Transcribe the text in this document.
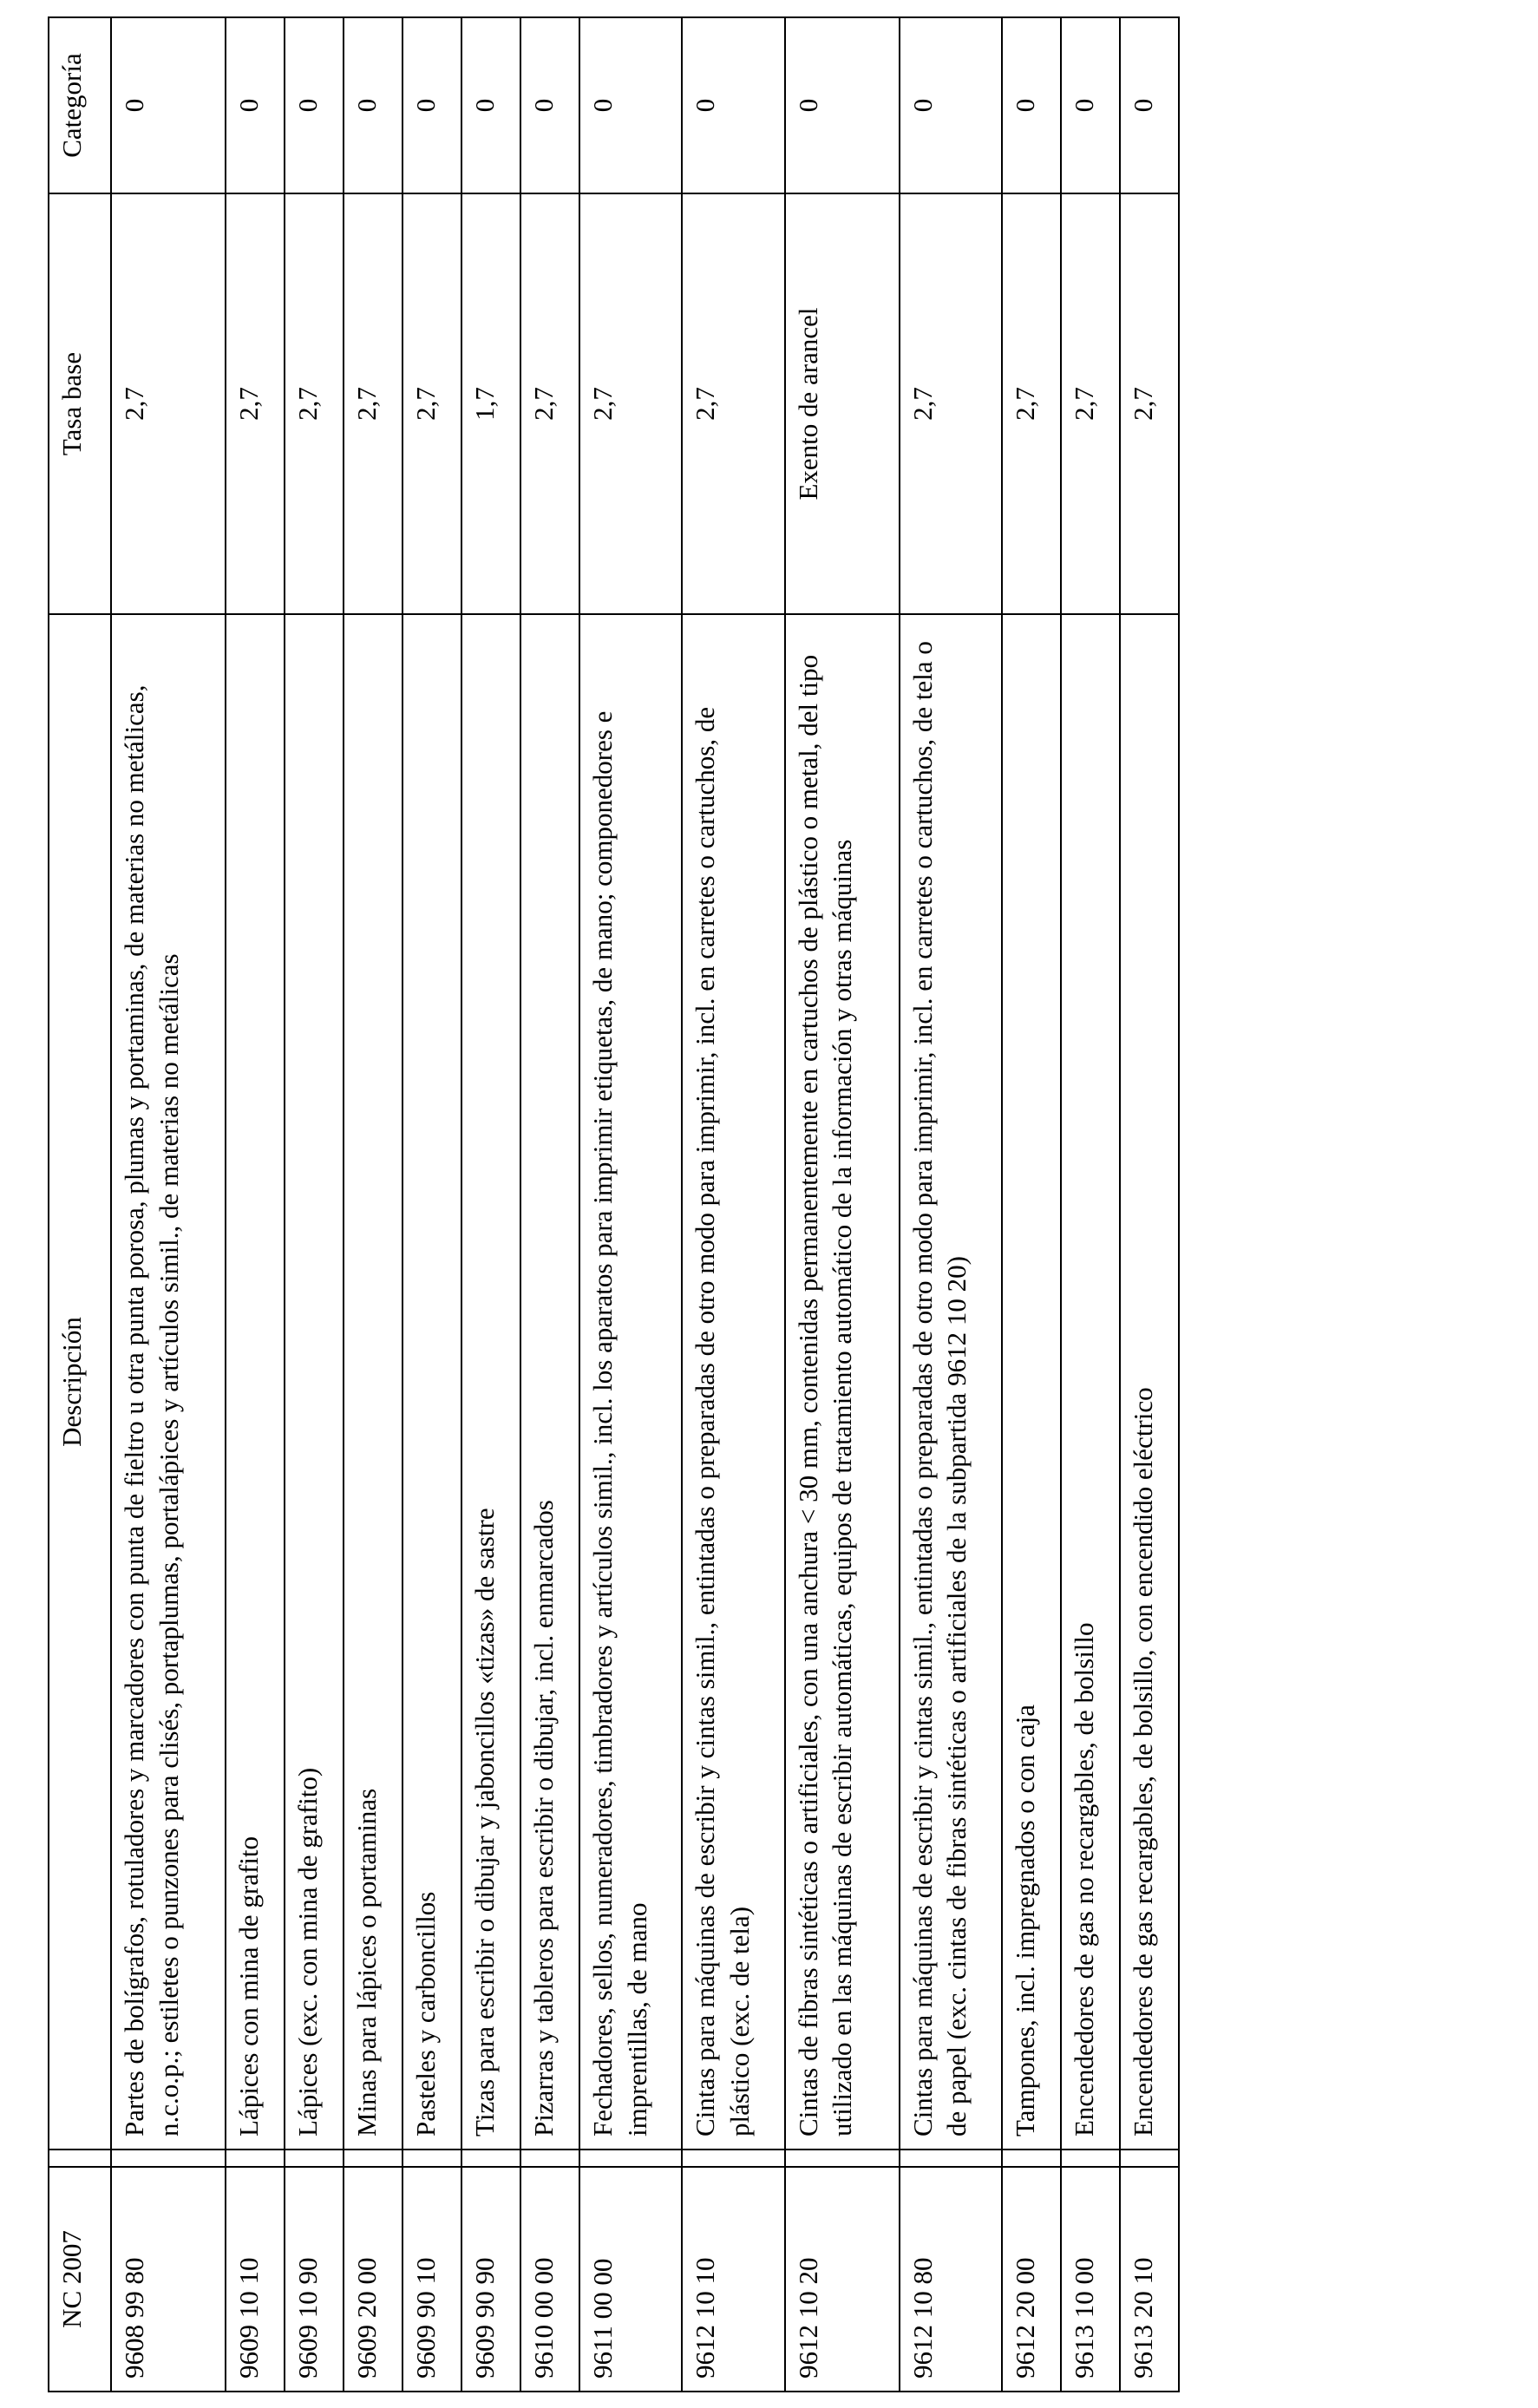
NC 2007		Descripción	Tasa base	Categoría
9608 99 80		Partes de bolígrafos, rotuladores y marcadores con punta de fieltro u otra punta porosa, plumas y portaminas, de materias no metálicas, n.c.o.p.; estiletes o punzones para clisés, portaplumas, portalápices y artículos simil., de materias no metálicas	2,7	0
9609 10 10		Lápices con mina de grafito	2,7	0
9609 10 90		Lápices (exc. con mina de grafito)	2,7	0
9609 20 00		Minas para lápices o portaminas	2,7	0
9609 90 10		Pasteles y carboncillos	2,7	0
9609 90 90		Tizas para escribir o dibujar y jaboncillos «tizas» de sastre	1,7	0
9610 00 00		Pizarras y tableros para escribir o dibujar, incl. enmarcados	2,7	0
9611 00 00		Fechadores, sellos, numeradores, timbradores y artículos simil., incl. los aparatos para imprimir etiquetas, de mano; componedores e imprentillas, de mano	2,7	0
9612 10 10		Cintas para máquinas de escribir y cintas simil., entintadas o preparadas de otro modo para imprimir, incl. en carretes o cartuchos, de plástico (exc. de tela)	2,7	0
9612 10 20		Cintas de fibras sintéticas o artificiales, con una anchura < 30 mm, contenidas permanentemente en cartuchos de plástico o metal, del tipo utilizado en las máquinas de escribir automáticas, equipos de tratamiento automático de la información y otras máquinas	Exento de arancel	0
9612 10 80		Cintas para máquinas de escribir y cintas simil., entintadas o preparadas de otro modo para imprimir, incl. en carretes o cartuchos, de tela o de papel (exc. cintas de fibras sintéticas o artificiales de la subpartida 9612 10 20)	2,7	0
9612 20 00		Tampones, incl. impregnados o con caja	2,7	0
9613 10 00		Encendedores de gas no recargables, de bolsillo	2,7	0
9613 20 10		Encendedores de gas recargables, de bolsillo, con encendido eléctrico	2,7	0
